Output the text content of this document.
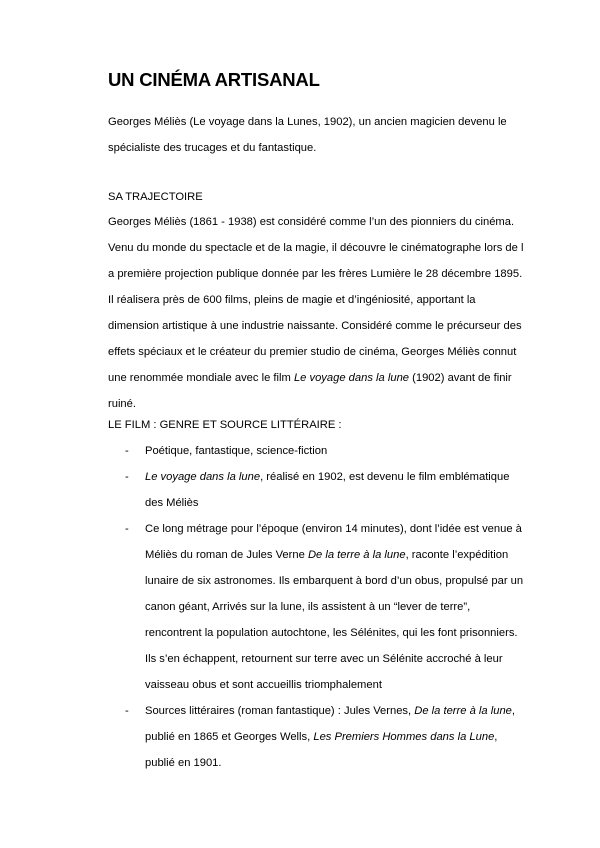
UN CINÉMA ARTISANAL

Georges Méliès (Le voyage dans la Lunes, 1902), un ancien magicien devenu le spécialiste des trucages et du fantastique.

SA TRAJECTOIRE

Georges Méliès (1861 - 1938) est considéré comme l’un des pionniers du cinéma. Venu du monde du spectacle et de la magie, il découvre le cinématographe lors de l a première projection publique donnée par les frères Lumière le 28 décembre 1895. Il réalisera près de 600 films, pleins de magie et d’ingéniosité, apportant la dimension artistique à une industrie naissante. Considéré comme le précurseur des effets spéciaux et le créateur du premier studio de cinéma, Georges Méliès connut une renommée mondiale avec le film Le voyage dans la lune (1902) avant de finir ruiné.

LE FILM : GENRE ET SOURCE LITTÉRAIRE :

- Poétique, fantastique, science-fiction
- Le voyage dans la lune, réalisé en 1902, est devenu le film emblématique des Méliès
- Ce long métrage pour l’époque (environ 14 minutes), dont l’idée est venue à Méliès du roman de Jules Verne De la terre à la lune, raconte l’expédition lunaire de six astronomes. Ils embarquent à bord d’un obus, propulsé par un canon géant, Arrivés sur la lune, ils assistent à un “lever de terre”, rencontrent la population autochtone, les Sélénites, qui les font prisonniers. Ils s’en échappent, retournent sur terre avec un Sélénite accroché à leur vaisseau obus et sont accueillis triomphalement
- Sources littéraires (roman fantastique) : Jules Vernes, De la terre à la lune, publié en 1865 et Georges Wells, Les Premiers Hommes dans la Lune, publié en 1901.
